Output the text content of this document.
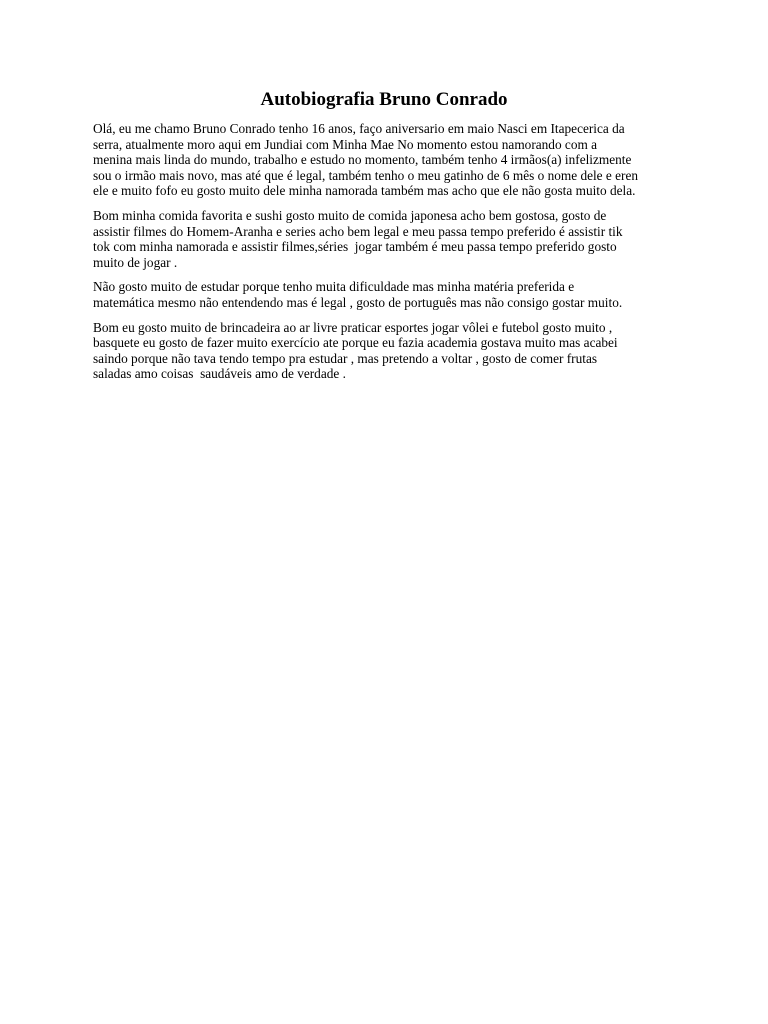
Autobiografia Bruno Conrado

Olá, eu me chamo Bruno Conrado tenho 16 anos, faço aniversario em maio Nasci em Itapecerica da
serra, atualmente moro aqui em Jundiai com Minha Mae No momento estou namorando com a
menina mais linda do mundo, trabalho e estudo no momento, também tenho 4 irmãos(a) infelizmente
sou o irmão mais novo, mas até que é legal, também tenho o meu gatinho de 6 mês o nome dele e eren
ele e muito fofo eu gosto muito dele minha namorada também mas acho que ele não gosta muito dela.

Bom minha comida favorita e sushi gosto muito de comida japonesa acho bem gostosa, gosto de
assistir filmes do Homem-Aranha e series acho bem legal e meu passa tempo preferido é assistir tik
tok com minha namorada e assistir filmes,séries  jogar também é meu passa tempo preferido gosto
muito de jogar .

Não gosto muito de estudar porque tenho muita dificuldade mas minha matéria preferida e
matemática mesmo não entendendo mas é legal , gosto de português mas não consigo gostar muito.

Bom eu gosto muito de brincadeira ao ar livre praticar esportes jogar vôlei e futebol gosto muito ,
basquete eu gosto de fazer muito exercício ate porque eu fazia academia gostava muito mas acabei
saindo porque não tava tendo tempo pra estudar , mas pretendo a voltar , gosto de comer frutas
saladas amo coisas  saudáveis amo de verdade .
